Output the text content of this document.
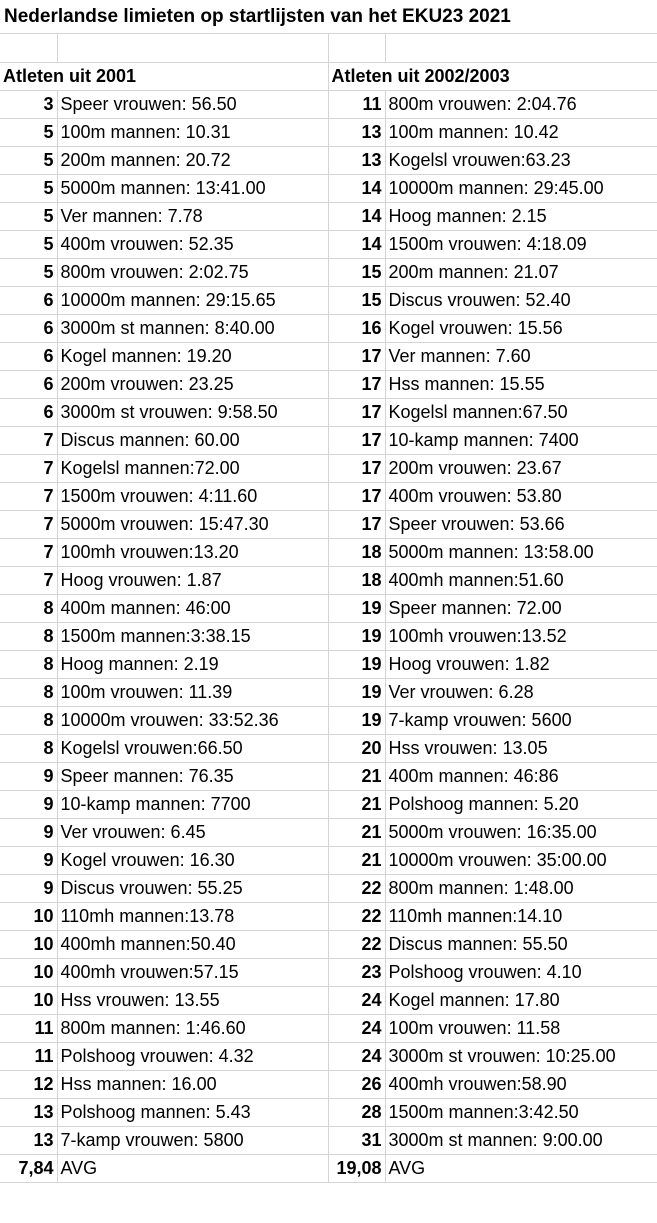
Nederlandse limieten op startlijsten van het EKU23 2021

Atleten uit 2001		Atleten uit 2002/2003	
3	Speer vrouwen: 56.50	11	800m vrouwen: 2:04.76
5	100m mannen: 10.31	13	100m mannen: 10.42
5	200m mannen: 20.72	13	Kogelsl vrouwen:63.23
5	5000m mannen: 13:41.00	14	10000m mannen: 29:45.00
5	Ver mannen: 7.78	14	Hoog mannen: 2.15
5	400m vrouwen: 52.35	14	1500m vrouwen: 4:18.09
5	800m vrouwen: 2:02.75	15	200m mannen: 21.07
6	10000m mannen: 29:15.65	15	Discus vrouwen: 52.40
6	3000m st mannen: 8:40.00	16	Kogel vrouwen: 15.56
6	Kogel mannen: 19.20	17	Ver mannen: 7.60
6	200m vrouwen: 23.25	17	Hss mannen: 15.55
6	3000m st vrouwen: 9:58.50	17	Kogelsl mannen:67.50
7	Discus mannen: 60.00	17	10-kamp mannen: 7400
7	Kogelsl mannen:72.00	17	200m vrouwen: 23.67
7	1500m vrouwen: 4:11.60	17	400m vrouwen: 53.80
7	5000m vrouwen: 15:47.30	17	Speer vrouwen: 53.66
7	100mh vrouwen:13.20	18	5000m mannen: 13:58.00
7	Hoog vrouwen: 1.87	18	400mh mannen:51.60
8	400m mannen: 46:00	19	Speer mannen: 72.00
8	1500m mannen:3:38.15	19	100mh vrouwen:13.52
8	Hoog mannen: 2.19	19	Hoog vrouwen: 1.82
8	100m vrouwen: 11.39	19	Ver vrouwen: 6.28
8	10000m vrouwen: 33:52.36	19	7-kamp vrouwen: 5600
8	Kogelsl vrouwen:66.50	20	Hss vrouwen: 13.05
9	Speer mannen: 76.35	21	400m mannen: 46:86
9	10-kamp mannen: 7700	21	Polshoog mannen: 5.20
9	Ver vrouwen: 6.45	21	5000m vrouwen: 16:35.00
9	Kogel vrouwen: 16.30	21	10000m vrouwen: 35:00.00
9	Discus vrouwen: 55.25	22	800m mannen: 1:48.00
10	110mh mannen:13.78	22	110mh mannen:14.10
10	400mh mannen:50.40	22	Discus mannen: 55.50
10	400mh vrouwen:57.15	23	Polshoog vrouwen: 4.10
10	Hss vrouwen: 13.55	24	Kogel mannen: 17.80
11	800m mannen: 1:46.60	24	100m vrouwen: 11.58
11	Polshoog vrouwen: 4.32	24	3000m st vrouwen: 10:25.00
12	Hss mannen: 16.00	26	400mh vrouwen:58.90
13	Polshoog mannen: 5.43	28	1500m mannen:3:42.50
13	7-kamp vrouwen: 5800	31	3000m st mannen: 9:00.00
7,84	AVG	19,08	AVG
